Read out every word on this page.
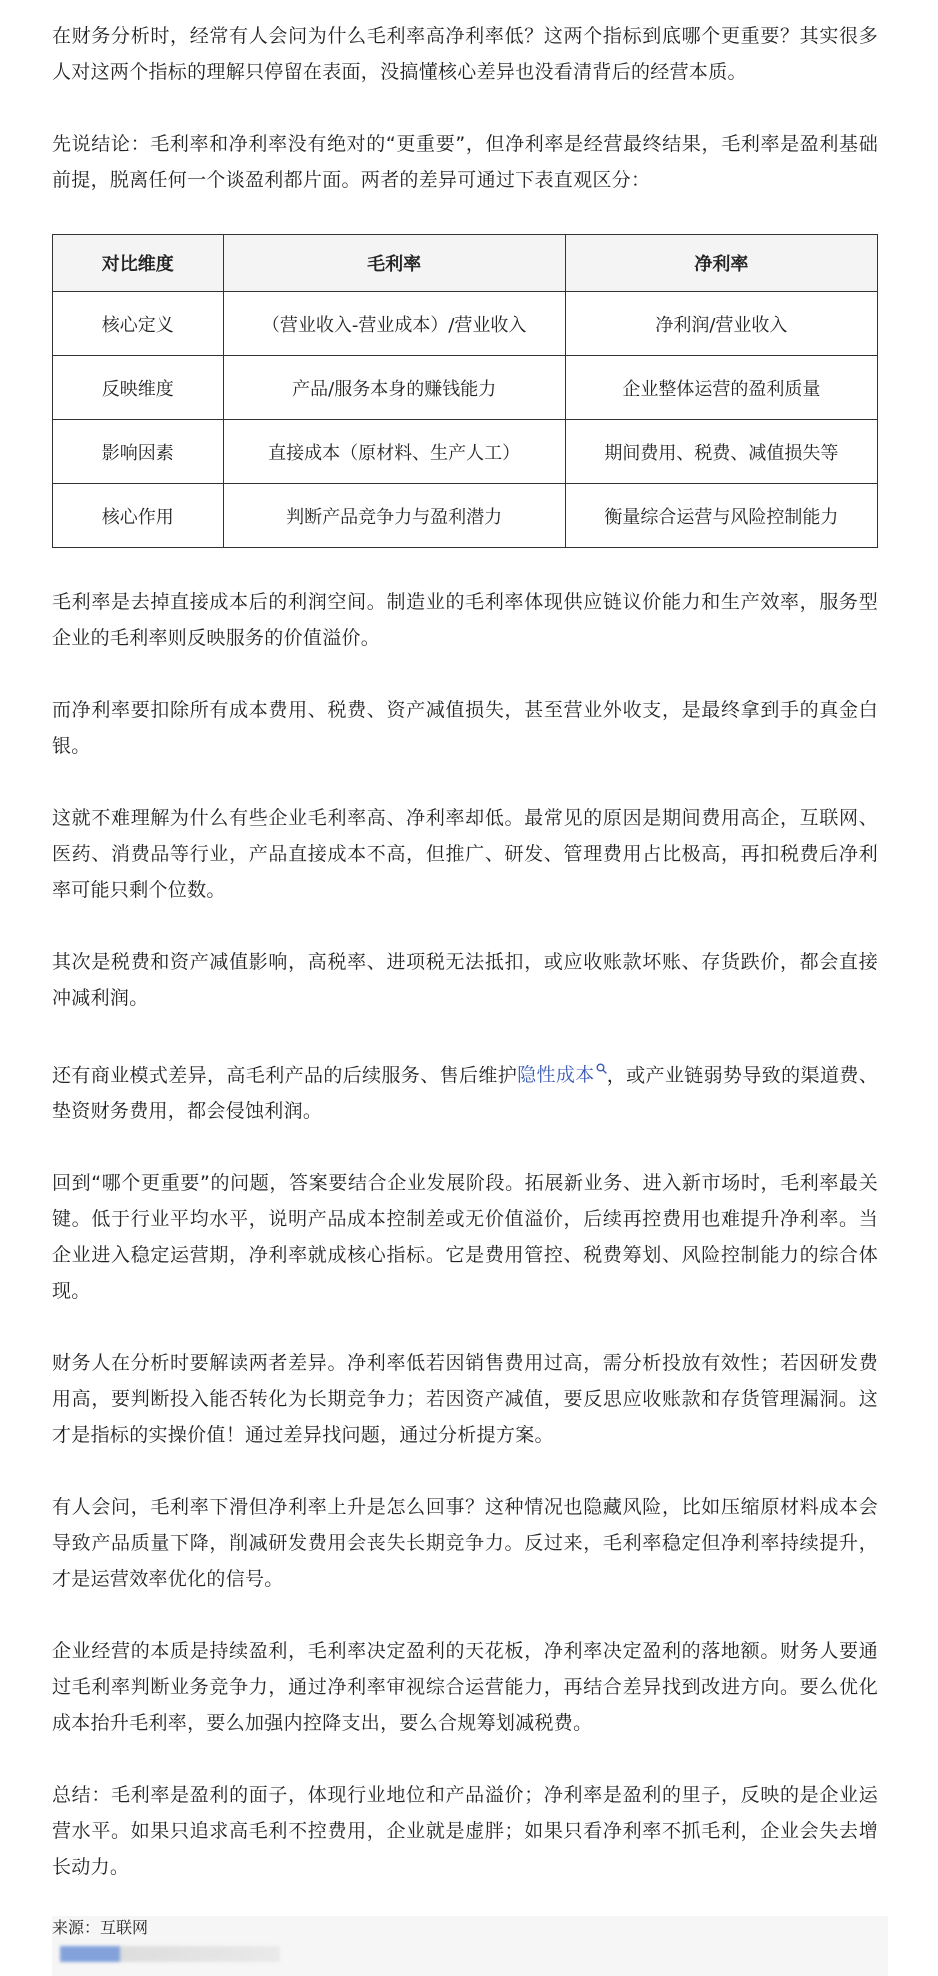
在财务分析时，经常有人会问为什么毛利率高净利率低？这两个指标到底哪个更重要？其实很多人对这两个指标的理解只停留在表面，没搞懂核心差异也没看清背后的经营本质。

先说结论：毛利率和净利率没有绝对的“更重要”，但净利率是经营最终结果，毛利率是盈利基础前提，脱离任何一个谈盈利都片面。两者的差异可通过下表直观区分：

对比维度	毛利率	净利率
核心定义	（营业收入-营业成本）/营业收入	净利润/营业收入
反映维度	产品/服务本身的赚钱能力	企业整体运营的盈利质量
影响因素	直接成本（原材料、生产人工）	期间费用、税费、减值损失等
核心作用	判断产品竞争力与盈利潜力	衡量综合运营与风险控制能力

毛利率是去掉直接成本后的利润空间。制造业的毛利率体现供应链议价能力和生产效率，服务型企业的毛利率则反映服务的价值溢价。

而净利率要扣除所有成本费用、税费、资产减值损失，甚至营业外收支，是最终拿到手的真金白银。

这就不难理解为什么有些企业毛利率高、净利率却低。最常见的原因是期间费用高企，互联网、医药、消费品等行业，产品直接成本不高，但推广、研发、管理费用占比极高，再扣税费后净利率可能只剩个位数。

其次是税费和资产减值影响，高税率、进项税无法抵扣，或应收账款坏账、存货跌价，都会直接冲减利润。

还有商业模式差异，高毛利产品的后续服务、售后维护隐性成本 ，或产业链弱势导致的渠道费、垫资财务费用，都会侵蚀利润。

回到“哪个更重要”的问题，答案要结合企业发展阶段。拓展新业务、进入新市场时，毛利率最关键。低于行业平均水平，说明产品成本控制差或无价值溢价，后续再控费用也难提升净利率。当企业进入稳定运营期，净利率就成核心指标。它是费用管控、税费筹划、风险控制能力的综合体现。

财务人在分析时要解读两者差异。净利率低若因销售费用过高，需分析投放有效性；若因研发费用高，要判断投入能否转化为长期竞争力；若因资产减值，要反思应收账款和存货管理漏洞。这才是指标的实操价值！通过差异找问题，通过分析提方案。

有人会问，毛利率下滑但净利率上升是怎么回事？这种情况也隐藏风险，比如压缩原材料成本会导致产品质量下降，削减研发费用会丧失长期竞争力。反过来，毛利率稳定但净利率持续提升，才是运营效率优化的信号。

企业经营的本质是持续盈利，毛利率决定盈利的天花板，净利率决定盈利的落地额。财务人要通过毛利率判断业务竞争力，通过净利率审视综合运营能力，再结合差异找到改进方向。要么优化成本抬升毛利率，要么加强内控降支出，要么合规筹划减税费。

总结：毛利率是盈利的面子，体现行业地位和产品溢价；净利率是盈利的里子，反映的是企业运营水平。如果只追求高毛利不控费用，企业就是虚胖；如果只看净利率不抓毛利，企业会失去增长动力。

来源：互联网
